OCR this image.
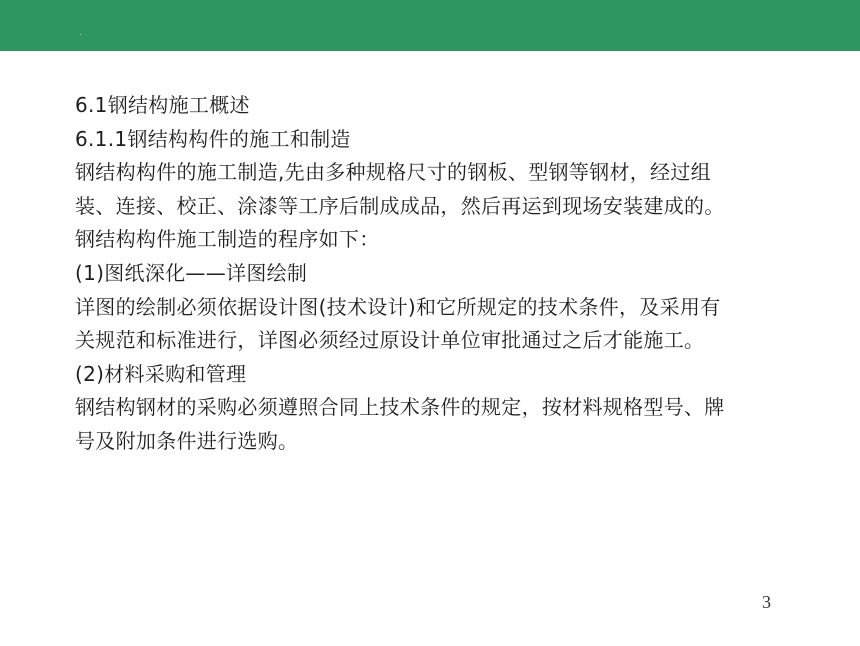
.
6.1钢结构施工概述
6.1.1钢结构构件的施工和制造
钢结构构件的施工制造,先由多种规格尺寸的钢板、型钢等钢材，经过组
装、连接、校正、涂漆等工序后制成成品，然后再运到现场安装建成的。
钢结构构件施工制造的程序如下：
(1)图纸深化——详图绘制
详图的绘制必须依据设计图(技术设计)和它所规定的技术条件，及采用有
关规范和标准进行，详图必须经过原设计单位审批通过之后才能施工。
(2)材料采购和管理
钢结构钢材的采购必须遵照合同上技术条件的规定，按材料规格型号、牌
号及附加条件进行选购。
3
